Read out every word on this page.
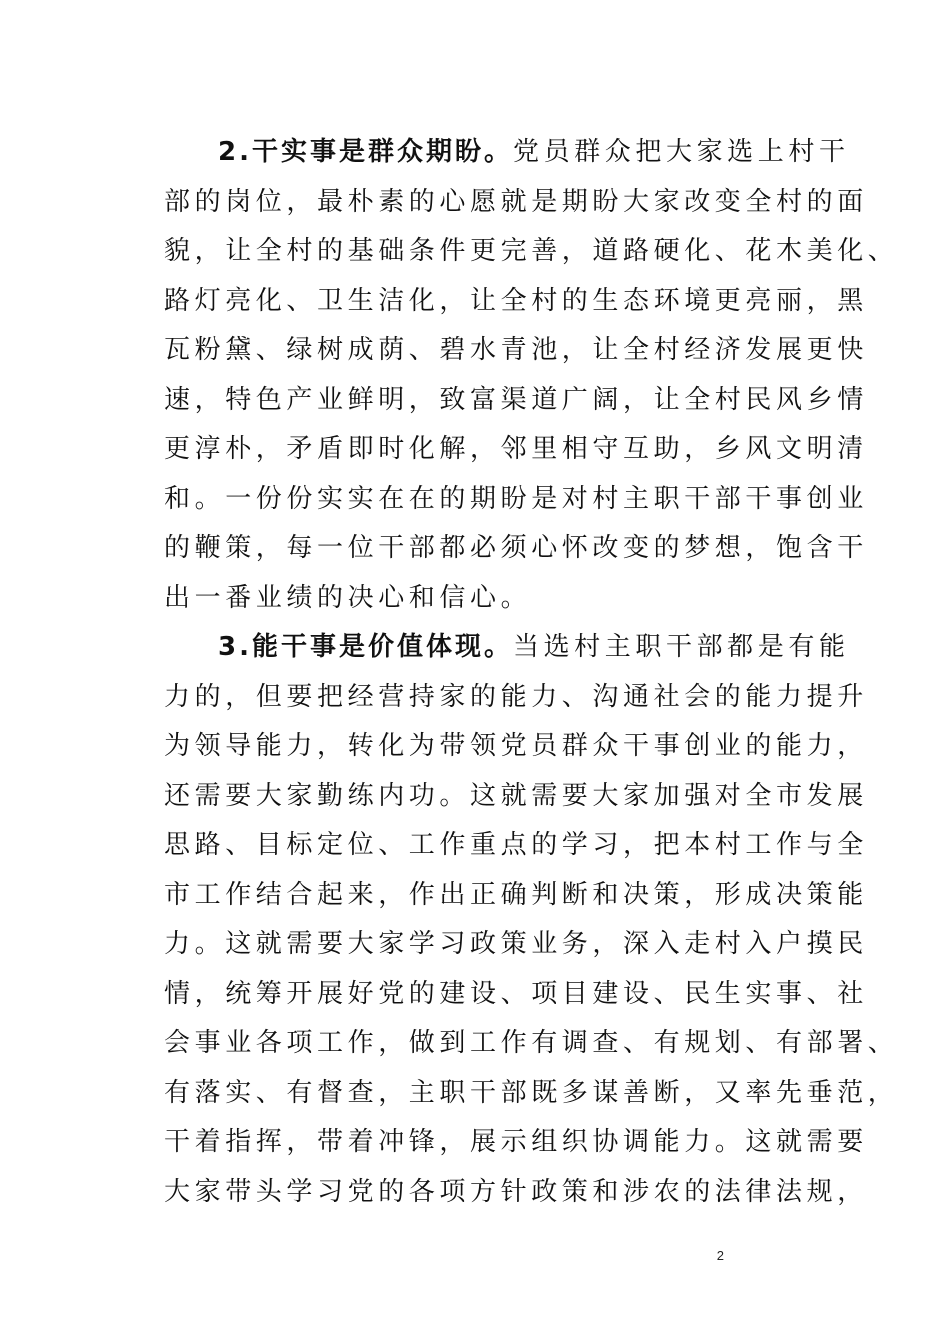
2.干实事是群众期盼。党员群众把大家选上村干
部的岗位，最朴素的心愿就是期盼大家改变全村的面
貌，让全村的基础条件更完善，道路硬化、花木美化、
路灯亮化、卫生洁化，让全村的生态环境更亮丽，黑
瓦粉黛、绿树成荫、碧水青池，让全村经济发展更快
速，特色产业鲜明，致富渠道广阔，让全村民风乡情
更淳朴，矛盾即时化解，邻里相守互助，乡风文明清
和。一份份实实在在的期盼是对村主职干部干事创业
的鞭策，每一位干部都必须心怀改变的梦想，饱含干
出一番业绩的决心和信心。
3.能干事是价值体现。当选村主职干部都是有能
力的，但要把经营持家的能力、沟通社会的能力提升
为领导能力，转化为带领党员群众干事创业的能力，
还需要大家勤练内功。这就需要大家加强对全市发展
思路、目标定位、工作重点的学习，把本村工作与全
市工作结合起来，作出正确判断和决策，形成决策能
力。这就需要大家学习政策业务，深入走村入户摸民
情，统筹开展好党的建设、项目建设、民生实事、社
会事业各项工作，做到工作有调查、有规划、有部署、
有落实、有督查，主职干部既多谋善断，又率先垂范，
干着指挥，带着冲锋，展示组织协调能力。这就需要
大家带头学习党的各项方针政策和涉农的法律法规，
2
